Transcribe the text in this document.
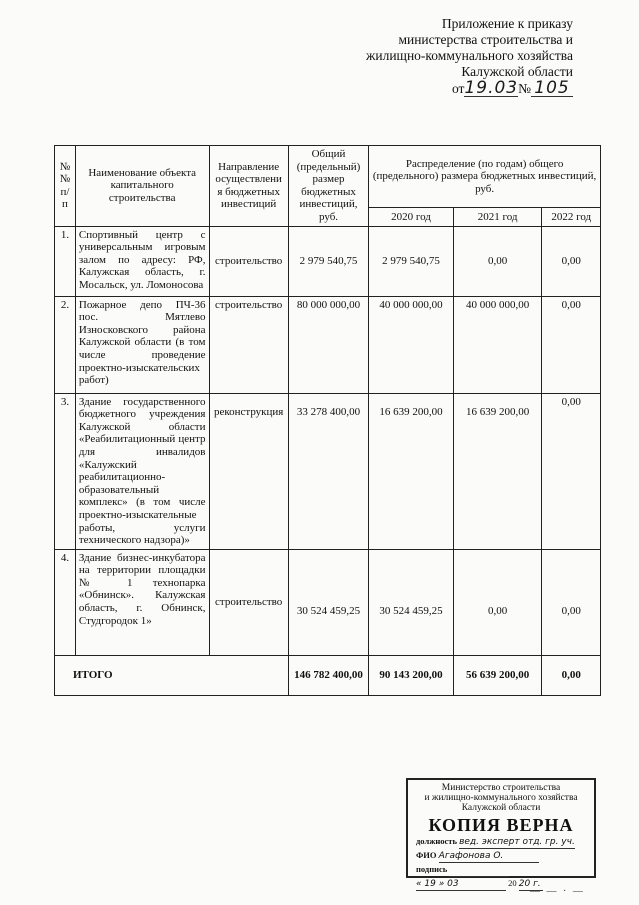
Приложение к приказу
министерства строительства и
жилищно-коммунального хозяйства
Калужской области
от19.03№ 105
№ № п/п	Наименование объекта капитального строительства	Направление осуществлени я бюджетных инвестиций	Общий (предельный) размер бюджетных инвестиций, руб.	Распределение (по годам) общего (предельного) размера бюджетных инвестиций, руб.		
				2020 год	2021 год	2022 год
1.	Спортивный центр с универсальным игровым залом по адресу: РФ, Калужская область, г. Мосальск, ул. Ломоносова	строительство	2 979 540,75	2 979 540,75	0,00	0,00
2.	Пожарное депо ПЧ-36 пос. Мятлево Износковского района Калужской области (в том числе проведение проектно-изыскательских работ)	строительство	80 000 000,00	40 000 000,00	40 000 000,00	0,00
3.	Здание государственного бюджетного учреждения Калужской области «Реабилитационный центр для инвалидов «Калужский реабилитационно-образовательный комплекс» (в том числе проектно-изыскательные работы, услуги технического надзора)»	реконструкция	33 278 400,00	16 639 200,00	16 639 200,00	0,00
4.	Здание бизнес-инкубатора на территории площадки № 1 технопарка «Обнинск». Калужская область, г. Обнинск, Студгородок 1»	строительство	30 524 459,25	30 524 459,25	0,00	0,00
ИТОГО			146 782 400,00	90 143 200,00	56 639 200,00	0,00
Министерство строительства
и жилищно-коммунального хозяйства
Калужской области
КОПИЯ ВЕРНА
должность вед. эксперт отд. гр. уч.
ФИО Агафонова О.
подпись
« 19 » 03	20 20 г.
— — · —
